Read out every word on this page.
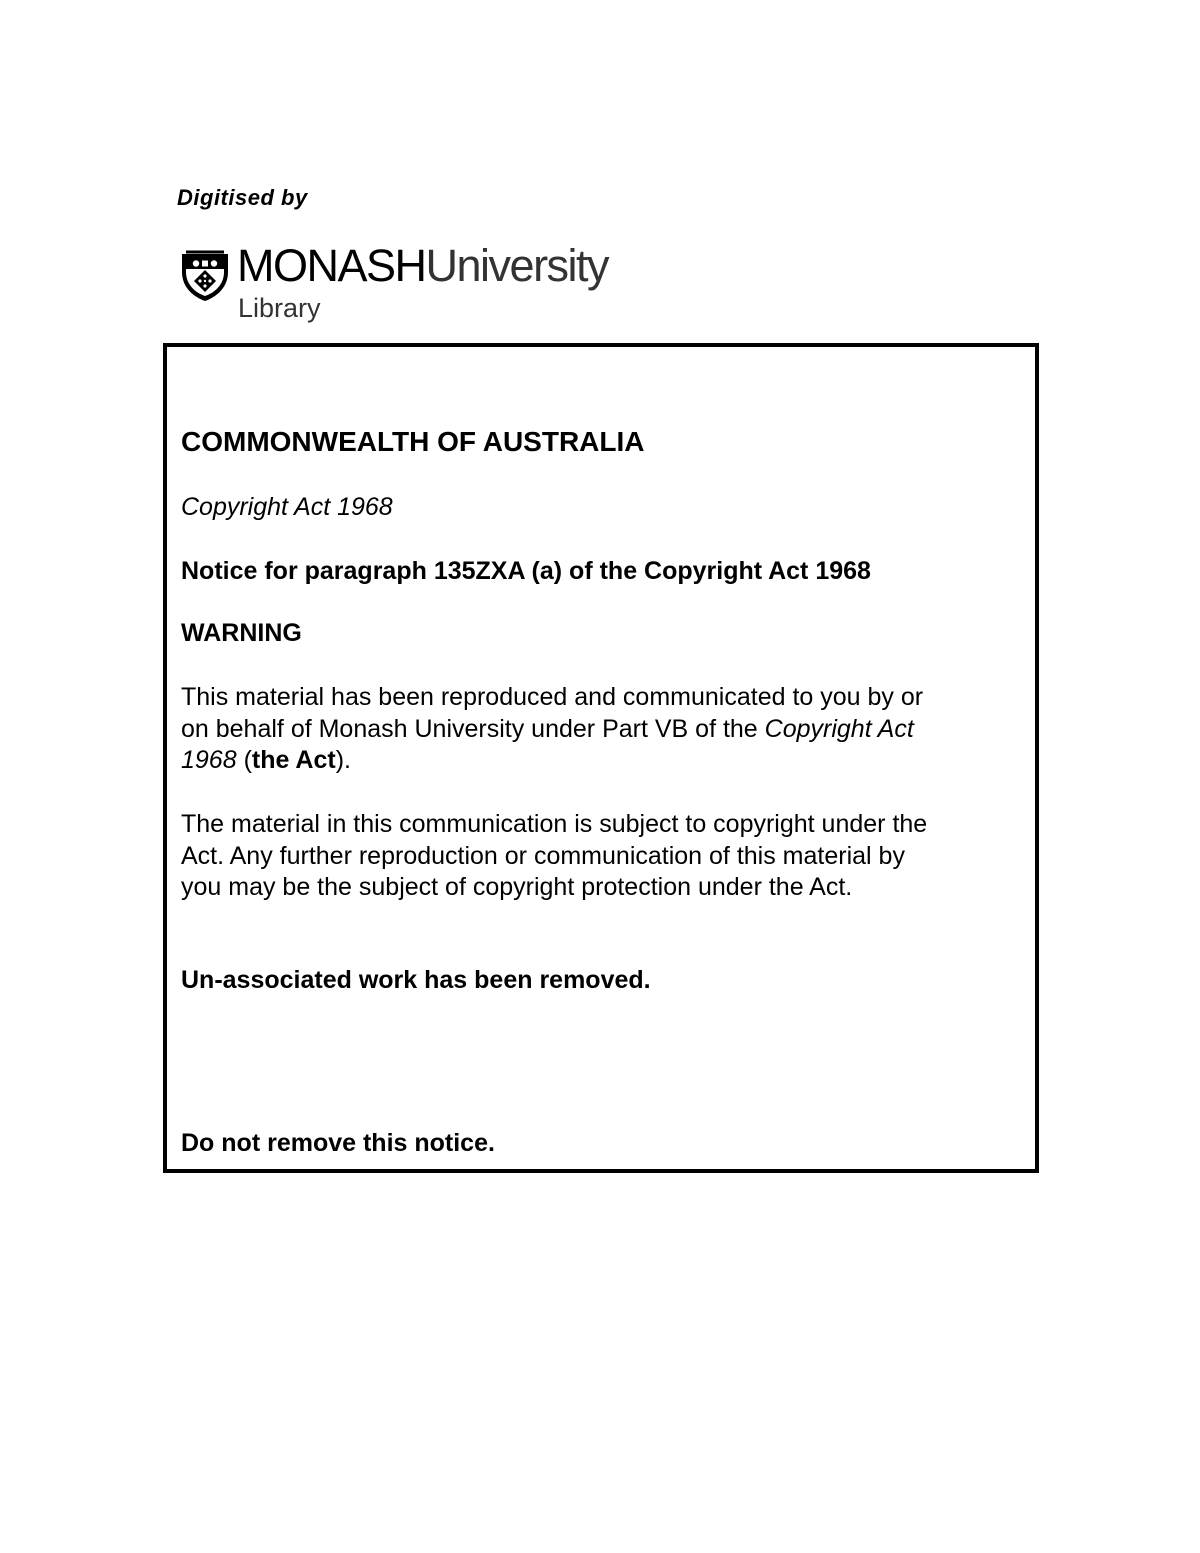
Digitised by
MONASHUniversity
Library
COMMONWEALTH OF AUSTRALIA
Copyright Act 1968
Notice for paragraph 135ZXA (a) of the Copyright Act 1968
WARNING
This material has been reproduced and communicated to you by or
on behalf of Monash University under Part VB of the Copyright Act
1968 (the Act).
The material in this communication is subject to copyright under the
Act. Any further reproduction or communication of this material by
you may be the subject of copyright protection under the Act.
Un-associated work has been removed.
Do not remove this notice.
